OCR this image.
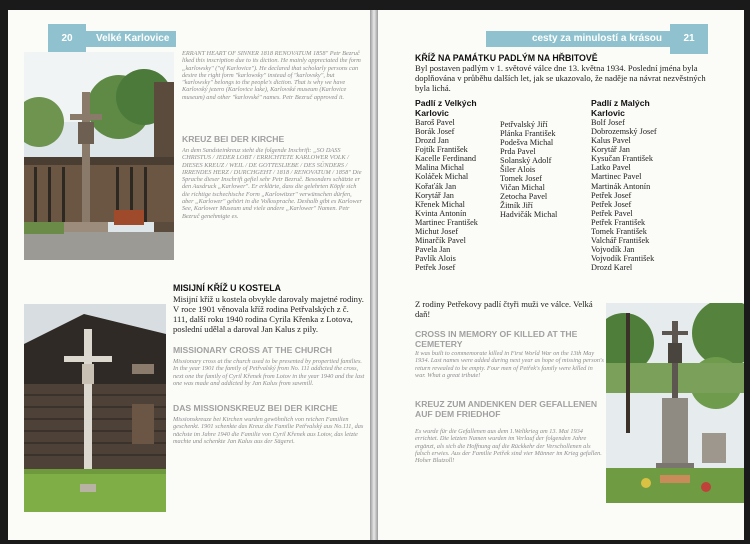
20	Velké Karlovice
ERRANT HEART OF SINNER 1818 RENOVATUM 1858" Petr Bezruč liked this inscription due to its diction. He mainly appreciated the form „karlowsky" ("of Karlovice"). He declared that scholarly persons can desire the right form "karlowsky" instead of "karlovsky", but "karlowsky" belongs to the people's diction. That is why we have Karlovský jezero (Karlovice lake), Karlovské museum (Karlovice museum) and other "karlovské" names. Petr Bezruč approved it.
KREUZ BEI DER KIRCHE
An dem Sandsteinkreuz steht die folgende Inschrift: „SO DASS CHRISTUS / JEDER LOBT / ERRICHTETE KARLOWER VOLK / DIESES KREUZ / WEIL / DE GOTTESLIEBE / DES SÜNDERS / IRRENDES HERZ / DURCHGEHT / 1818 / RENOVATUM / 1858" Die Sprache dieser Inschrift gefiel sehr Petr Bezruč. Besonders schätzte er den Ausdruck „Karlower". Er erklärte, dass die gelehrten Köpfe sich die richtige tschechische Form „Karlowitzer" verwünschen dürfen, aber „Karlower" gehört in die Volkssprache. Deshalb gibt es Karlower See, Karlower Museum und viele andere „Karlower" Namen. Petr Bezruč genehmigte es.
MISIJNÍ KŘÍŽ U KOSTELA
Misijní kříž u kostela obvykle darovaly majetné rodiny. V roce 1901 věnovala kříž rodina Petřvalských z č. 111, další roku 1940 rodina Cyrila Křenka z Lotova, poslední udělal a daroval Jan Kalus z pily.
MISSIONARY CROSS AT THE CHURCH
Missionary cross at the church used to be presented by propertied families. In the year 1901 the family of Petřvalský from No. 111 addicted the cross, next one the family of Cyril Křenek from Lotov in the year 1940 and the last one was made and addicted by Jan Kalus from sawmill.
DAS MISSIONSKREUZ BEI DER KIRCHE
Missionskreuze bei Kirchen wurden gewöhnlich von reichen Familien geschenkt. 1901 schenkte das Kreuz die Familie Petřvalský aus No.111, das nächste im Jahre 1940 die Familie von Cyril Křenek aus Lotov, das letzte machte und schenkte Jan Kalus aus der Sägerei.
cesty za minulostí a krásou	21
KŘÍŽ NA PAMÁTKU PADLÝM NA HŘBITOVĚ
Byl postaven padlým v 1. světové válce dne 13. května 1934. Poslední jména byla doplňována v průběhu dalších let, jak se ukazovalo, že naděje na návrat nezvěstných byla lichá.
Padlí z Velkých Karlovic
Baroš Pavel
Borák Josef
Drozd Jan
Fojtík František
Kacelle Ferdinand
Malina Michal
Koláček Michal
Kořaťák Jan
Korytář Jan
Křenek Michal
Kvinta Antonín
Martinec František
Michut Josef
Minarčík Pavel
Pavela Jan
Pavlík Alois
Petřek Josef
Petřvalský Jiří
Plánka František
Podešva Michal
Prda Pavel
Solanský Adolf
Šiler Alois
Tomek Josef
Vičan Michal
Zetocha Pavel
Žitník Jiří
Hadvičák Michal
Padlí z Malých Karlovic
Bolf Josef
Dobrozemský Josef
Kalus Pavel
Korytář Jan
Kysučan František
Latko Pavel
Martinec Pavel
Martinák Antonín
Petřek Josef
Petřek Josef
Petřek Pavel
Petřek František
Tomek František
Valchář František
Vojvodík Jan
Vojvodík František
Drozd Karel
Z rodiny Petřekovy padlí čtyři muži ve válce. Velká daň!
CROSS IN MEMORY OF KILLED AT THE CEMETERY
It was built to commemorate killed in First World War on the 13th May 1934. Last names were added during next year as hope of missing person's return revealed to be empty. Four men of Petřek's family were killed in war. What a great tribute!
KREUZ ZUM ANDENKEN DER GEFALLENEN AUF DEM FRIEDHOF
Es wurde für die Gefallenen aus dem 1.Weltkrieg am 13. Mai 1934 errichtet. Die letzten Namen wurden im Verlauf der folgenden Jahre ergänzt, als sich die Hoffnung auf die Rückkehr der Verschollenen als falsch erwies. Aus der Familie Petřek sind vier Männer im Krieg gefallen. Hoher Blutzoll!
